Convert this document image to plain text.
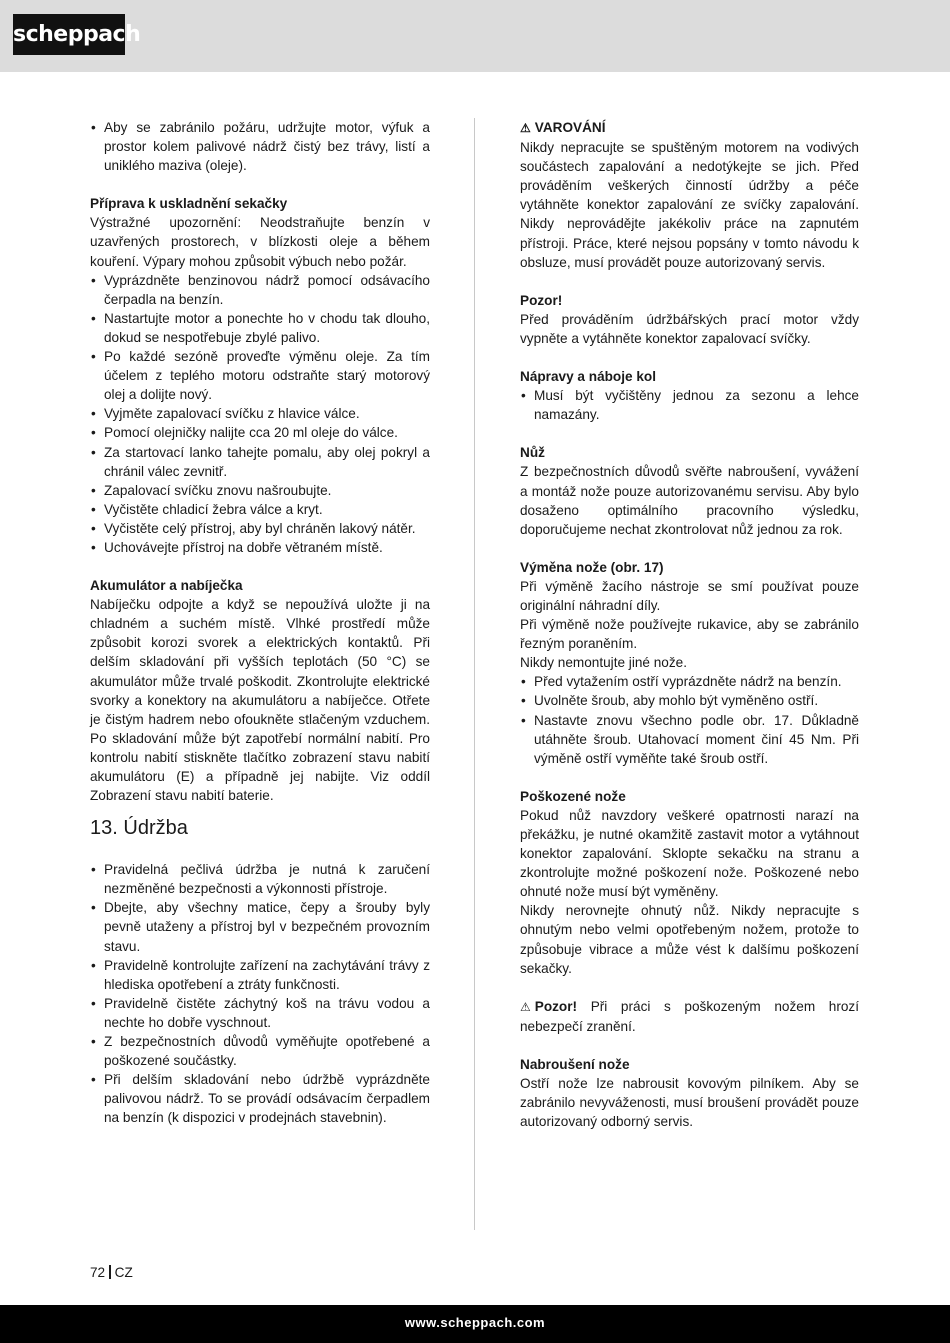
scheppach
• Aby se zabránilo požáru, udržujte motor, výfuk a prostor kolem palivové nádrž čistý bez trávy, listí a uniklého maziva (oleje).

Příprava k uskladnění sekačky

Výstražné upozornění: Neodstraňujte benzín v uzavřených prostorech, v blízkosti oleje a během kouření. Výpary mohou způsobit výbuch nebo požár.

• Vyprázdněte benzinovou nádrž pomocí odsávacího čerpadla na benzín.
• Nastartujte motor a ponechte ho v chodu tak dlouho, dokud se nespotřebuje zbylé palivo.
• Po každé sezóně proveďte výměnu oleje. Za tím účelem z teplého motoru odstraňte starý motorový olej a dolijte nový.
• Vyjměte zapalovací svíčku z hlavice válce.
• Pomocí olejničky nalijte cca 20 ml oleje do válce.
• Za startovací lanko tahejte pomalu, aby olej pokryl a chránil válec zevnitř.
• Zapalovací svíčku znovu našroubujte.
• Vyčistěte chladicí žebra válce a kryt.
• Vyčistěte celý přístroj, aby byl chráněn lakový nátěr.
• Uchovávejte přístroj na dobře větraném místě.

Akumulátor a nabíječka

Nabíječku odpojte a když se nepoužívá uložte ji na chladném a suchém místě. Vlhké prostředí může způsobit korozi svorek a elektrických kontaktů. Při delším skladování při vyšších teplotách (50 °C) se akumulátor může trvalé poškodit. Zkontrolujte elektrické svorky a konektory na akumulátoru a nabíječce. Otřete je čistým hadrem nebo ofoukněte stlačeným vzduchem. Po skladování může být zapotřebí normální nabití. Pro kontrolu nabití stiskněte tlačítko zobrazení stavu nabití akumulátoru (E) a případně jej nabijte. Viz oddíl Zobrazení stavu nabití baterie.

13. Údržba
• Pravidelná pečlivá údržba je nutná k zaručení nezměněné bezpečnosti a výkonnosti přístroje.
• Dbejte, aby všechny matice, čepy a šrouby byly pevně utaženy a přístroj byl v bezpečném provozním stavu.
• Pravidelně kontrolujte zařízení na zachytávání trávy z hlediska opotřebení a ztráty funkčnosti.
• Pravidelně čistěte záchytný koš na trávu vodou a nechte ho dobře vyschnout.
• Z bezpečnostních důvodů vyměňujte opotřebené a poškozené součástky.
• Při delším skladování nebo údržbě vyprázdněte palivovou nádrž. To se provádí odsávacím čerpadlem na benzín (k dispozici v prodejnách stavebnin).

⚠ VAROVÁNÍ

Nikdy nepracujte se spuštěným motorem na vodivých součástech zapalování a nedotýkejte se jich. Před prováděním veškerých činností údržby a péče vytáhněte konektor zapalování ze svíčky zapalování. Nikdy neprovádějte jakékoliv práce na zapnutém přístroji. Práce, které nejsou popsány v tomto návodu k obsluze, musí provádět pouze autorizovaný servis.

Pozor!

Před prováděním údržbářských prací motor vždy vypněte a vytáhněte konektor zapalovací svíčky.

Nápravy a náboje kol

• Musí být vyčištěny jednou za sezonu a lehce namazány.

Nůž

Z bezpečnostních důvodů svěřte nabroušení, vyvážení a montáž nože pouze autorizovanému servisu. Aby bylo dosaženo optimálního pracovního výsledku, doporučujeme nechat zkontrolovat nůž jednou za rok.

Výměna nože (obr. 17)

Při výměně žacího nástroje se smí používat pouze originální náhradní díly.

Při výměně nože používejte rukavice, aby se zabránilo řezným poraněním.

Nikdy nemontujte jiné nože.

• Před vytažením ostří vyprázdněte nádrž na benzín.
• Uvolněte šroub, aby mohlo být vyměněno ostří.
• Nastavte znovu všechno podle obr. 17. Důkladně utáhněte šroub. Utahovací moment činí 45 Nm. Při výměně ostří vyměňte také šroub ostří.

Poškozené nože

Pokud nůž navzdory veškeré opatrnosti narazí na překážku, je nutné okamžitě zastavit motor a vytáhnout konektor zapalování. Sklopte sekačku na stranu a zkontrolujte možné poškození nože. Poškozené nebo ohnuté nože musí být vyměněny.

Nikdy nerovnejte ohnutý nůž. Nikdy nepracujte s ohnutým nebo velmi opotřebeným nožem, protože to způsobuje vibrace a může vést k dalšímu poškození sekačky.

⚠ Pozor! Při práci s poškozeným nožem hrozí nebezpečí zranění.

Nabroušení nože

Ostří nože lze nabrousit kovovým pilníkem. Aby se zabránilo nevyváženosti, musí broušení provádět pouze autorizovaný odborný servis.

72 CZ
www.scheppach.com
